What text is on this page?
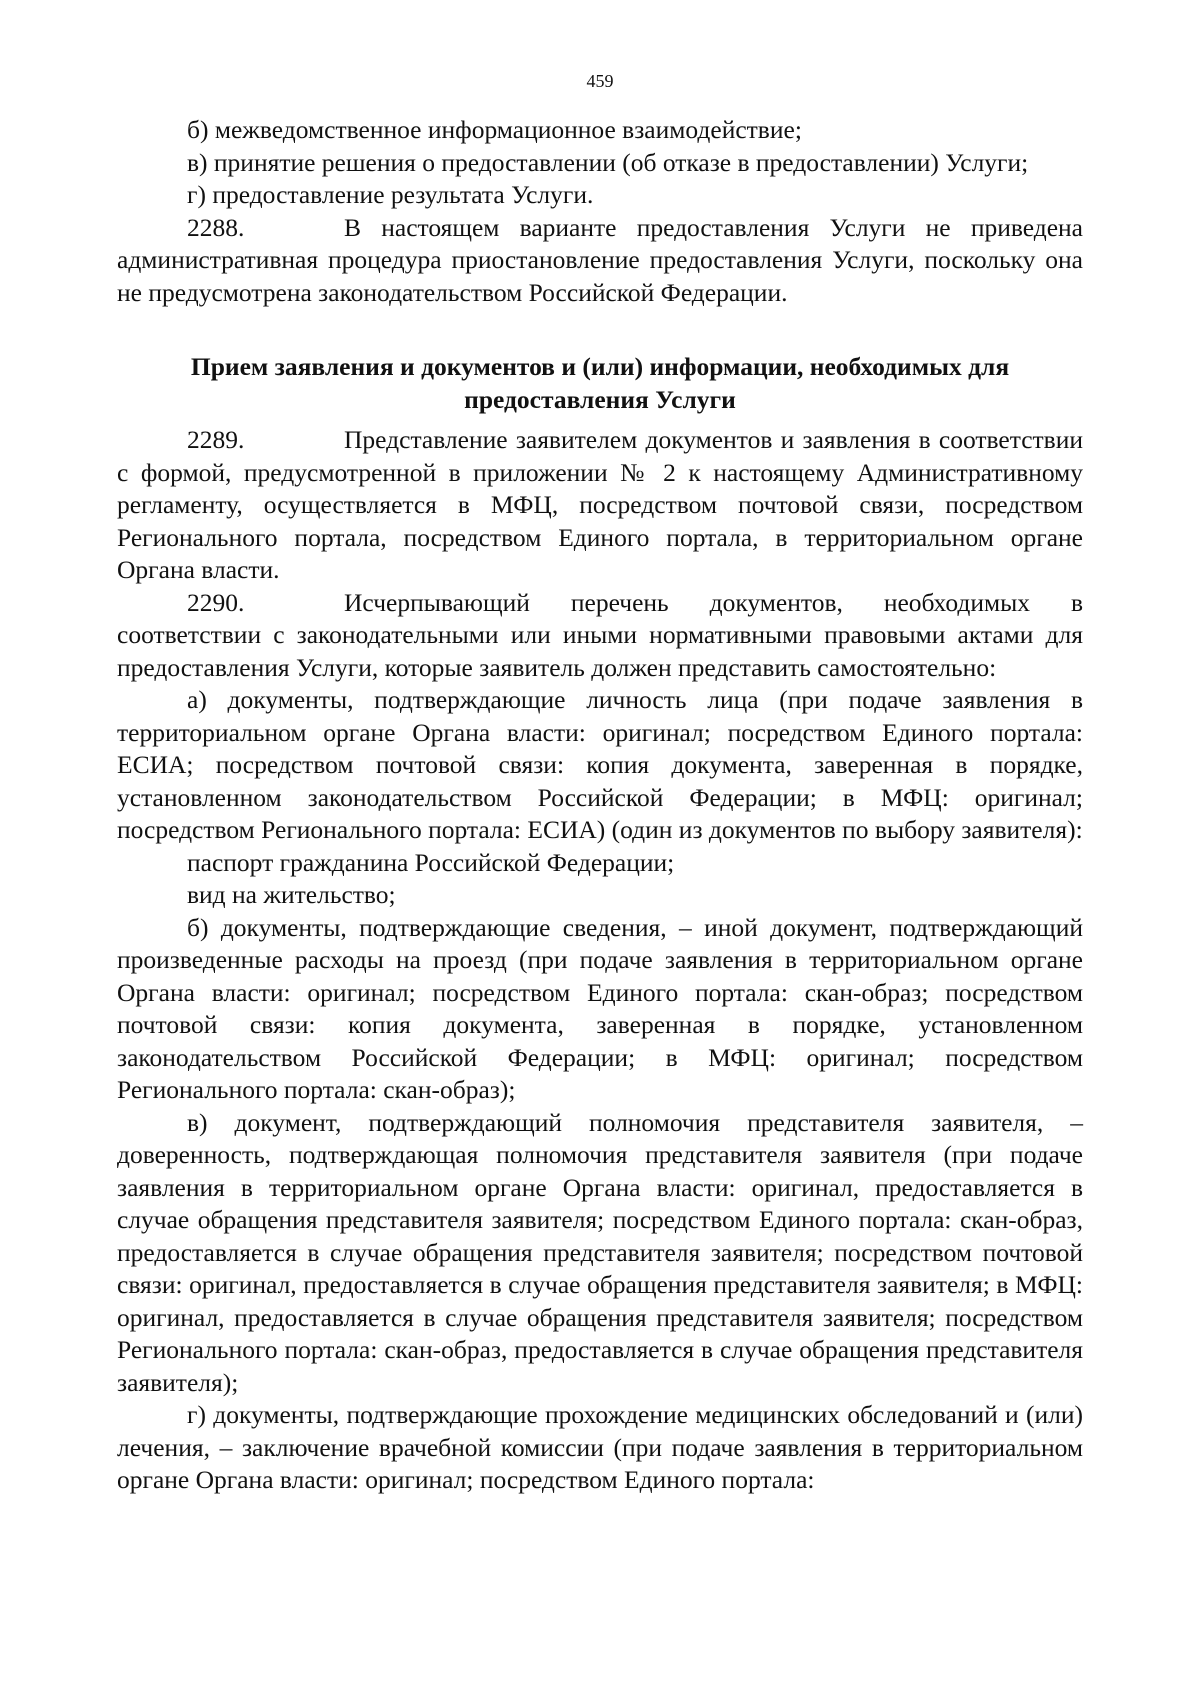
459

б) межведомственное информационное взаимодействие;

в) принятие решения о предоставлении (об отказе в предоставлении) Услуги;

г) предоставление результата Услуги.

2288.	В настоящем варианте предоставления Услуги не приведена административная процедура приостановление предоставления Услуги, поскольку она не предусмотрена законодательством Российской Федерации.

Прием заявления и документов и (или) информации, необходимых для
предоставления Услуги

2289.	Представление заявителем документов и заявления в соответствии с формой, предусмотренной в приложении № 2 к настоящему Административному регламенту, осуществляется в МФЦ, посредством почтовой связи, посредством Регионального портала, посредством Единого портала, в территориальном органе Органа власти.

2290.	Исчерпывающий перечень документов, необходимых в соответствии с законодательными или иными нормативными правовыми актами для предоставления Услуги, которые заявитель должен представить самостоятельно:

а) документы, подтверждающие личность лица (при подаче заявления в территориальном органе Органа власти: оригинал; посредством Единого портала: ЕСИА; посредством почтовой связи: копия документа, заверенная в порядке, установленном законодательством Российской Федерации; в МФЦ: оригинал; посредством Регионального портала: ЕСИА) (один из документов по выбору заявителя):

паспорт гражданина Российской Федерации;

вид на жительство;

б) документы, подтверждающие сведения, – иной документ, подтверждающий произведенные расходы на проезд (при подаче заявления в территориальном органе Органа власти: оригинал; посредством Единого портала: скан-образ; посредством почтовой связи: копия документа, заверенная в порядке, установленном законодательством Российской Федерации; в МФЦ: оригинал; посредством Регионального портала: скан-образ);

в) документ, подтверждающий полномочия представителя заявителя, – доверенность, подтверждающая полномочия представителя заявителя (при подаче заявления в территориальном органе Органа власти: оригинал, предоставляется в случае обращения представителя заявителя; посредством Единого портала: скан-образ, предоставляется в случае обращения представителя заявителя; посредством почтовой связи: оригинал, предоставляется в случае обращения представителя заявителя; в МФЦ: оригинал, предоставляется в случае обращения представителя заявителя; посредством Регионального портала: скан-образ, предоставляется в случае обращения представителя заявителя);

г) документы, подтверждающие прохождение медицинских обследований и (или) лечения, – заключение врачебной комиссии (при подаче заявления в территориальном органе Органа власти: оригинал; посредством Единого портала:
